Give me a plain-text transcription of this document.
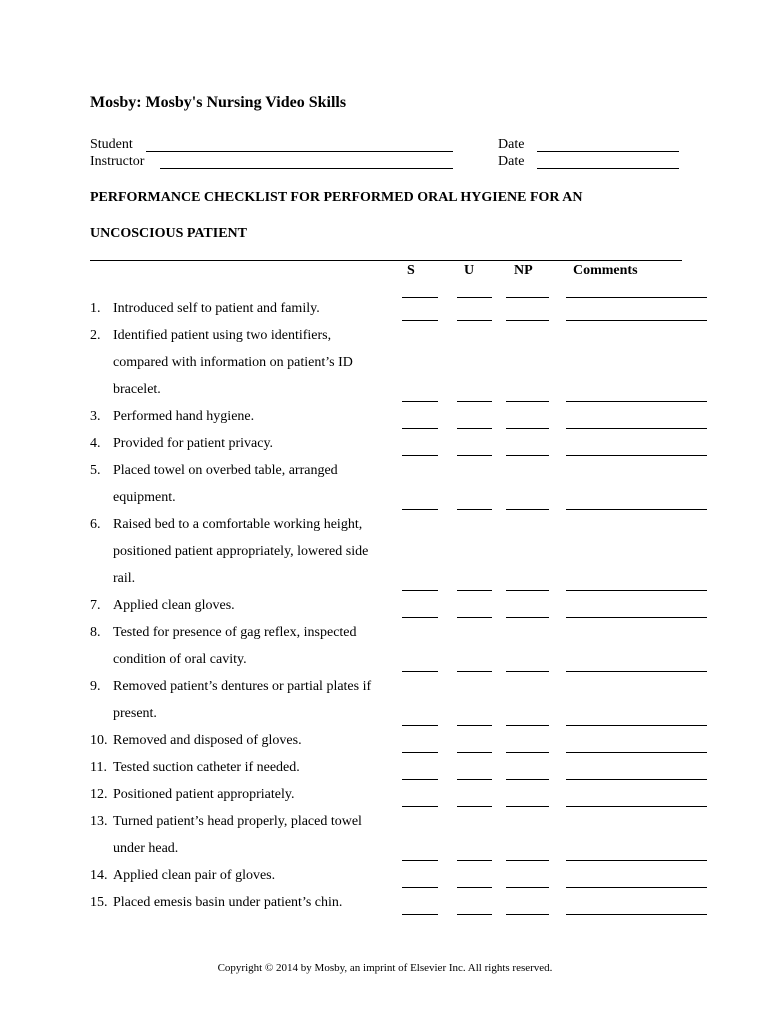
Mosby: Mosby's Nursing Video Skills
Student
Instructor
Date
Date
PERFORMANCE CHECKLIST FOR PERFORMED ORAL HYGIENE FOR AN
UNCOSCIOUS PATIENT
S	U	NP	Comments
1. Introduced self to patient and family.
2. Identified patient using two identifiers,
compared with information on patient’s ID
bracelet.
3. Performed hand hygiene.
4. Provided for patient privacy.
5. Placed towel on overbed table, arranged
equipment.
6. Raised bed to a comfortable working height,
positioned patient appropriately, lowered side
rail.
7. Applied clean gloves.
8. Tested for presence of gag reflex, inspected
condition of oral cavity.
9. Removed patient’s dentures or partial plates if
present.
10. Removed and disposed of gloves.
11. Tested suction catheter if needed.
12. Positioned patient appropriately.
13. Turned patient’s head properly, placed towel
under head.
14. Applied clean pair of gloves.
15. Placed emesis basin under patient’s chin.
Copyright © 2014 by Mosby, an imprint of Elsevier Inc. All rights reserved.
